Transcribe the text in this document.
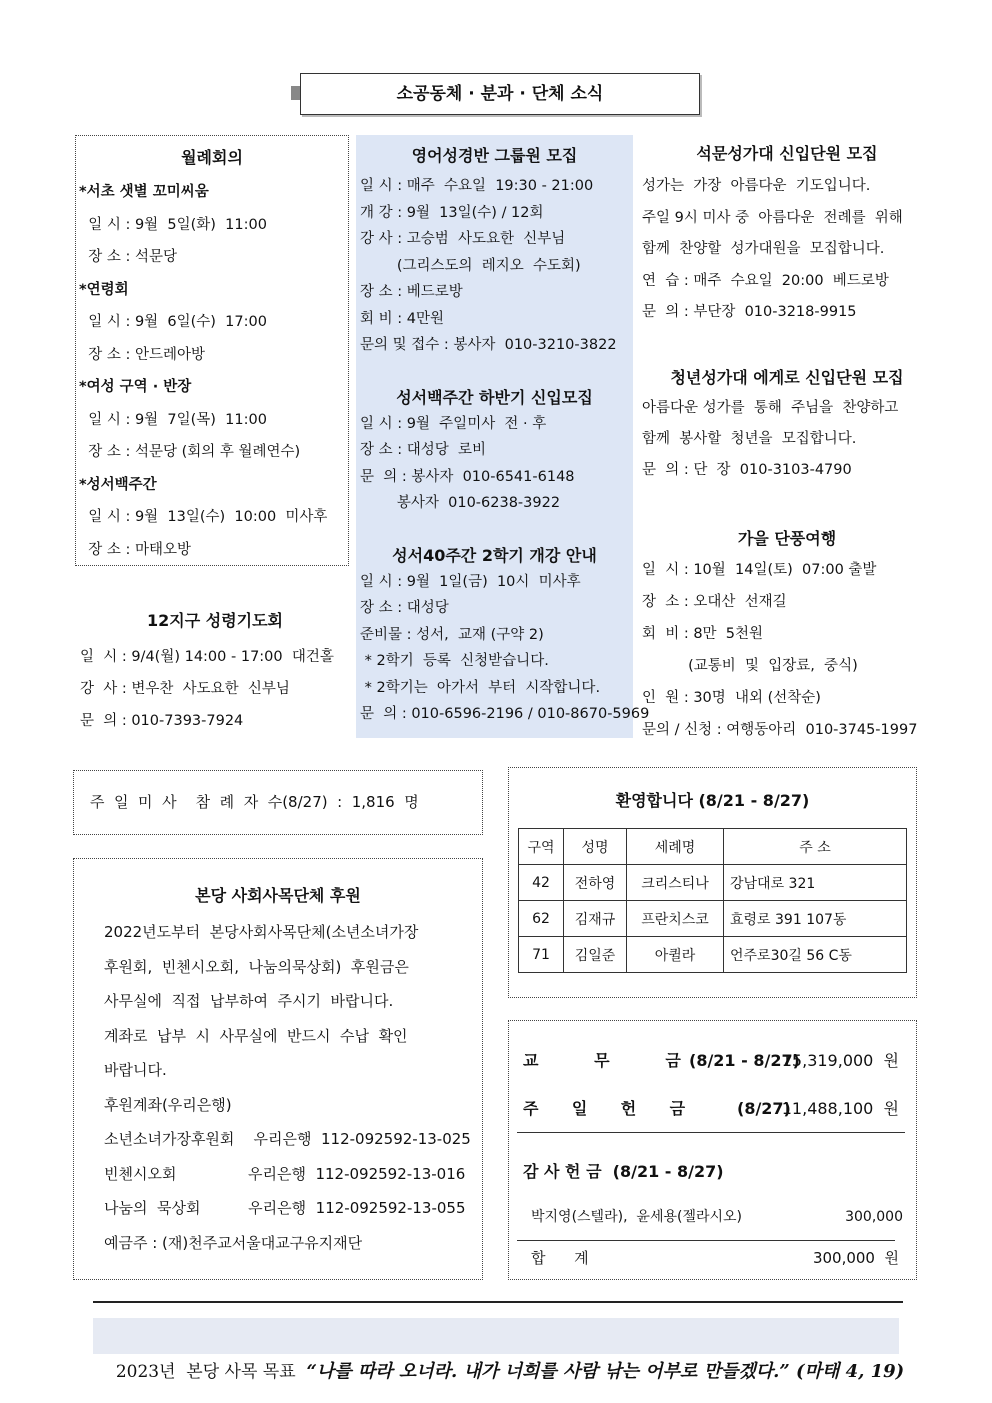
소공동체 · 분과 · 단체 소식
월례회의
*서초 샛별 꼬미씨움
일 시 : 9월  5일(화)  11:00
장 소 : 석문당
*연령회
일 시 : 9월  6일(수)  17:00
장 소 : 안드레아방
*여성 구역 · 반장
일 시 : 9월  7일(목)  11:00
장 소 : 석문당 (회의 후 월례연수)
*성서백주간
일 시 : 9월  13일(수)  10:00  미사후
장 소 : 마태오방
12지구 성령기도회
일  시 : 9/4(월) 14:00 - 17:00  대건홀
강  사 : 변우찬  사도요한  신부님
문  의 : 010-7393-7924
영어성경반 그룹원 모집
일 시 : 매주  수요일  19:30 - 21:00
개 강 : 9월  13일(수) / 12회
강 사 : 고승범  사도요한  신부님
(그리스도의  레지오  수도회)
장 소 : 베드로방
회 비 : 4만원
문의 및 접수 : 봉사자  010-3210-3822
성서백주간 하반기 신입모집
일 시 : 9월  주일미사  전 · 후
장 소 : 대성당  로비
문  의 : 봉사자  010-6541-6148
봉사자  010-6238-3922
성서40주간 2학기 개강 안내
일 시 : 9월  1일(금)  10시  미사후
장 소 : 대성당
준비물 : 성서,  교재 (구약 2)
* 2학기  등록  신청받습니다.
* 2학기는  아가서  부터  시작합니다.
문  의 : 010-6596-2196 / 010-8670-5969
석문성가대 신입단원 모집
성가는  가장  아름다운  기도입니다.
주일 9시 미사 중  아름다운  전례를  위해
함께  찬양할  성가대원을  모집합니다.
연  습 : 매주  수요일  20:00  베드로방
문  의 : 부단장  010-3218-9915
청년성가대 에게로 신입단원 모집
아름다운 성가를  통해  주님을  찬양하고
함께  봉사할  청년을  모집합니다.
문  의 : 단  장  010-3103-4790
가을 단풍여행
일  시 : 10월  14일(토)  07:00 출발
장  소 : 오대산  선재길
회  비 : 8만  5천원
(교통비  및  입장료,  중식)
인  원 : 30명  내외 (선착순)
문의 / 신청 : 여행동아리  010-3745-1997
주  일  미  사    참  례  자  수(8/27)  :  1,816  명
본당 사회사목단체 후원
2022년도부터  본당사회사목단체(소년소녀가장
후원회,  빈첸시오회,  나눔의묵상회)  후원금은
사무실에  직접  납부하여  주시기  바랍니다.
계좌로  납부  시  사무실에  반드시  수납  확인
바랍니다.
후원계좌(우리은행)
소년소녀가장후원회    우리은행  112-092592-13-025
빈첸시오회               우리은행  112-092592-13-016
나눔의  묵상회          우리은행  112-092592-13-055
예금주 : (재)천주교서울대교구유지재단
환영합니다 (8/21 - 8/27)
구역	성명	세례명	주 소
42	전하영	크리스티나	강남대로 321
62	김재규	프란치스코	효령로 391 107동
71	김일준	아퀼라	언주로30길 56 C동
교          무          금 (8/21 - 8/27)
15,319,000  원
주      일      헌      금	(8/27)
11,488,100  원
감 사 헌 금  (8/21 - 8/27)
박지영(스텔라),  윤세용(젤라시오)	300,000
합      계	300,000  원

2023년  본당 사목 목표  “나를 따라 오너라. 내가 너희를 사람 낚는 어부로 만들겠다.” (마태 4, 19)
